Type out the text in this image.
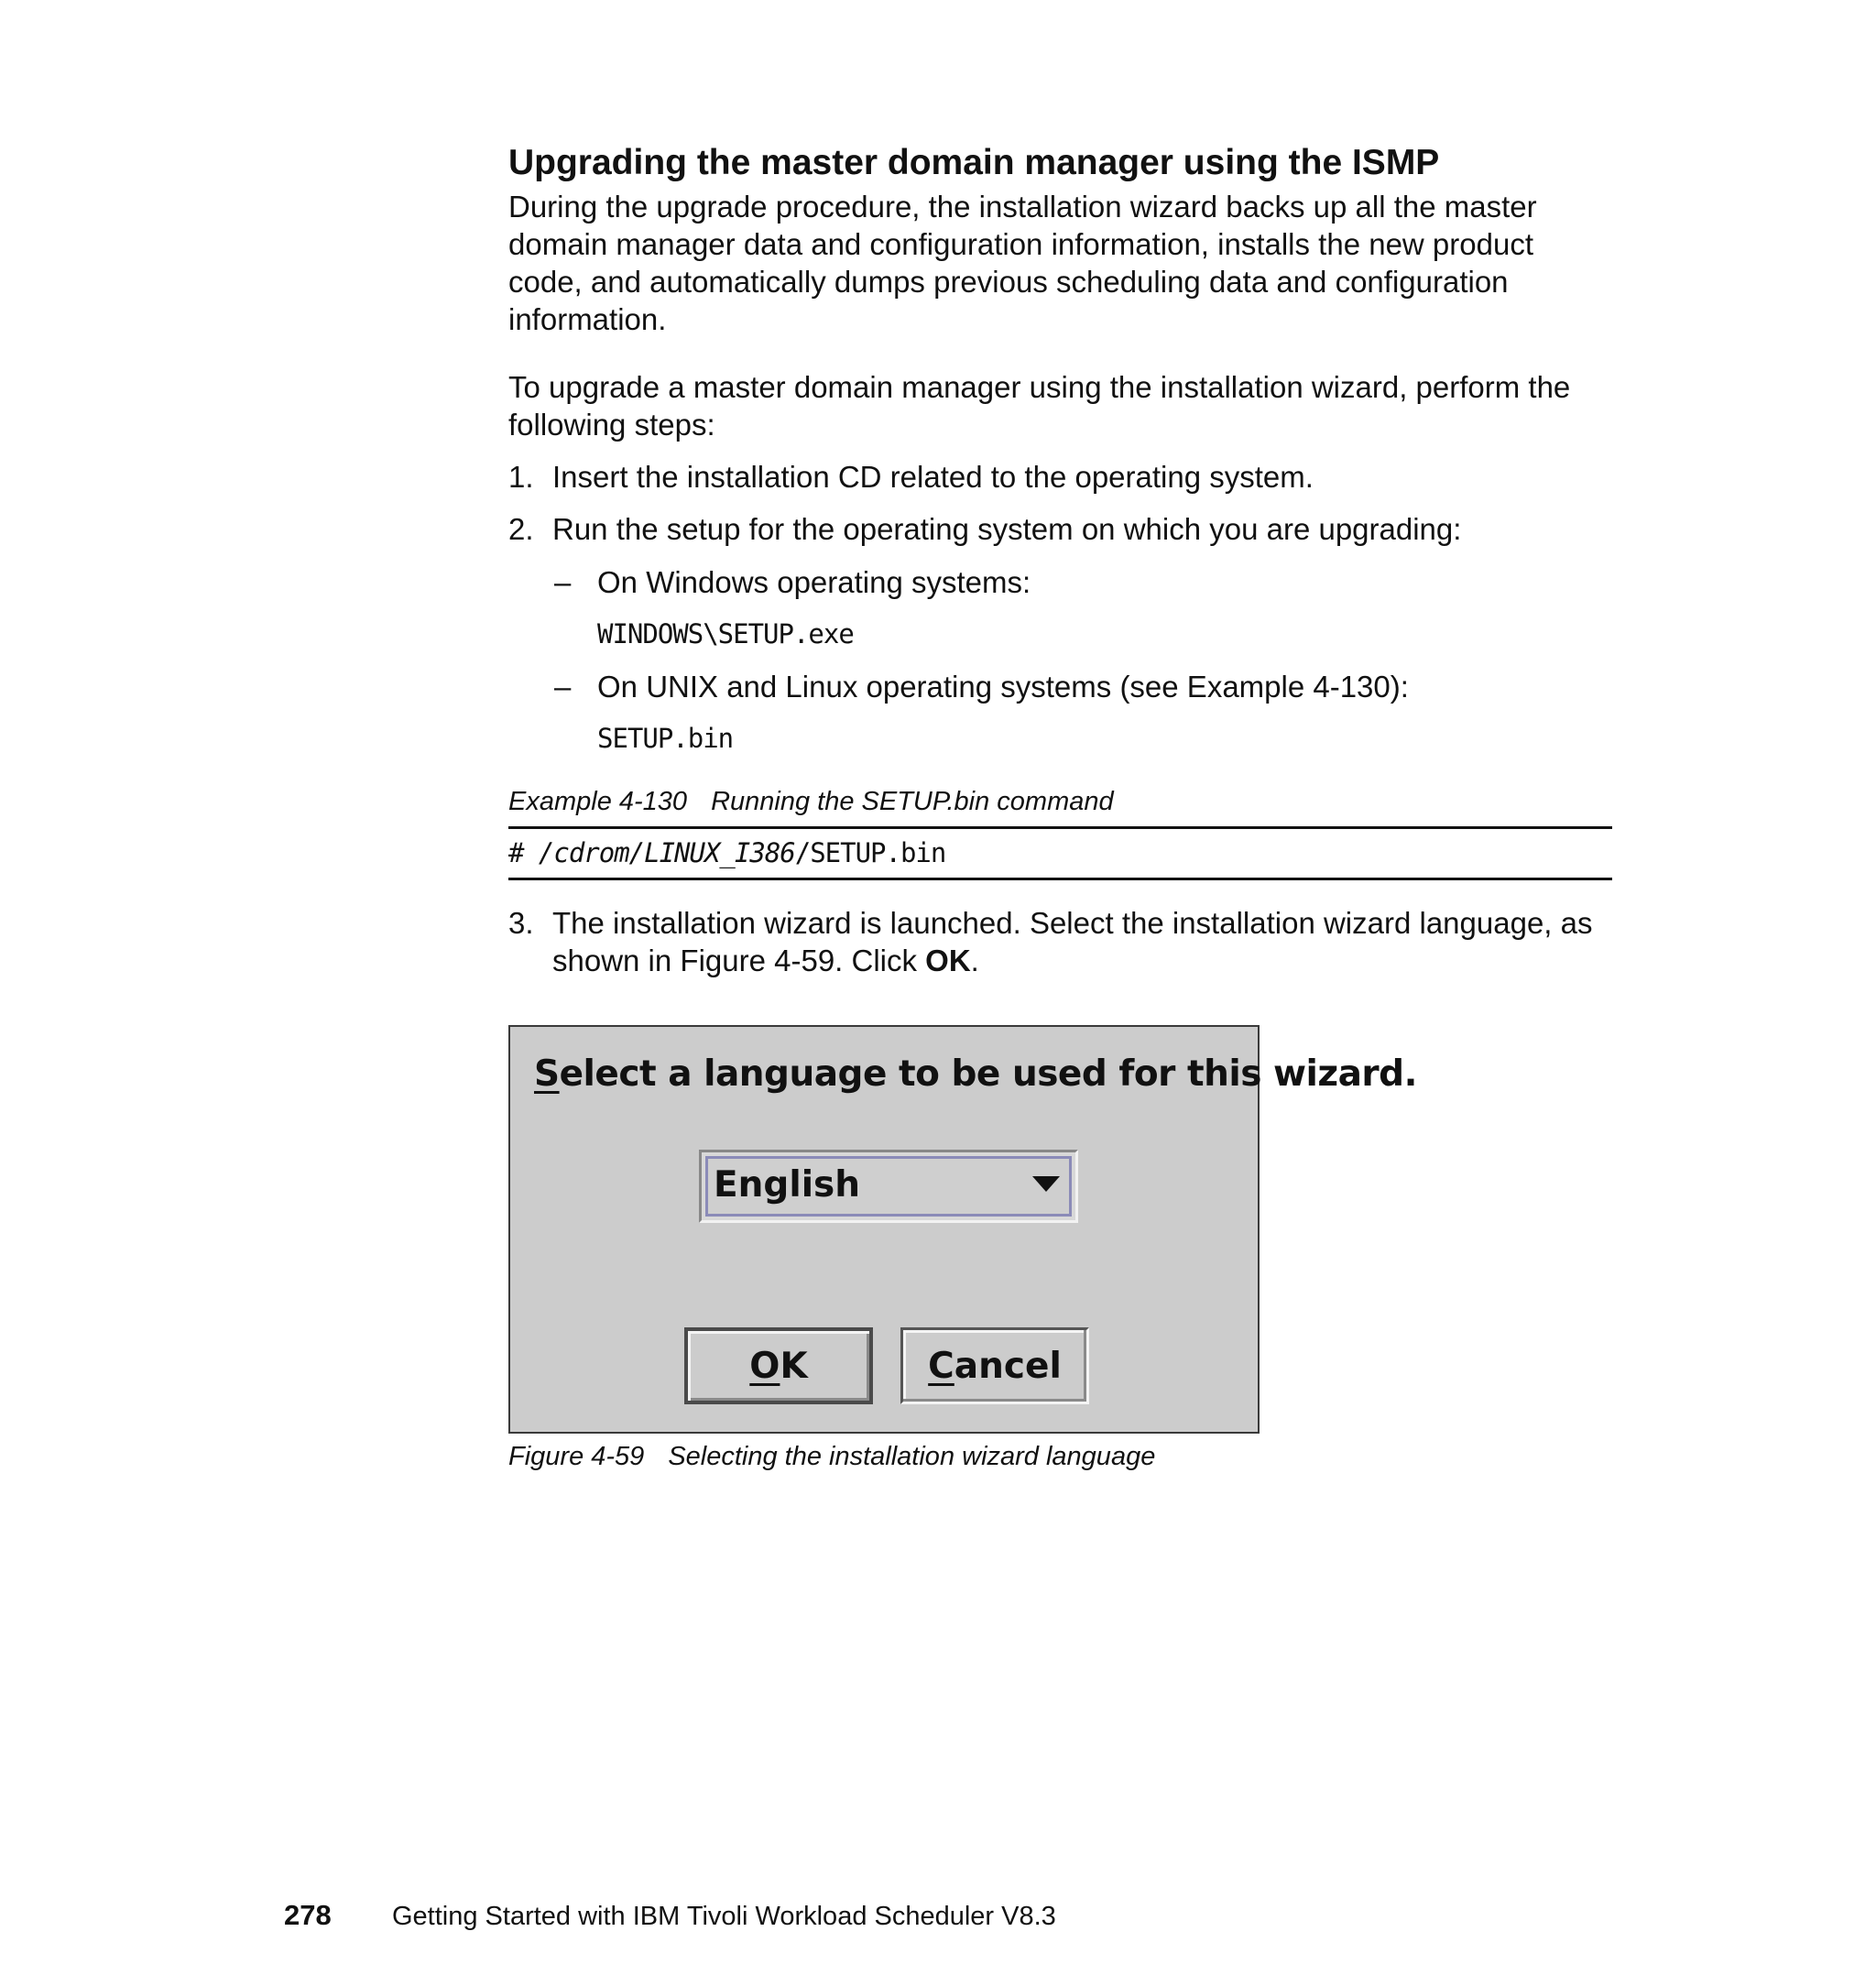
Upgrading the master domain manager using the ISMP

During the upgrade procedure, the installation wizard backs up all the master domain manager data and configuration information, installs the new product code, and automatically dumps previous scheduling data and configuration information.

To upgrade a master domain manager using the installation wizard, perform the following steps:

1. Insert the installation CD related to the operating system.
2. Run the setup for the operating system on which you are upgrading:
– On Windows operating systems:
WINDOWS\SETUP.exe
– On UNIX and Linux operating systems (see Example 4-130):
SETUP.bin
Example 4-130 Running the SETUP.bin command
# /cdrom/LINUX_I386/SETUP.bin
3. The installation wizard is launched. Select the installation wizard language, as shown in Figure 4-59. Click OK.
Select a language to be used for this wizard.
English
O K	C ancel
Figure 4-59 Selecting the installation wizard language
278 Getting Started with IBM Tivoli Workload Scheduler V8.3
